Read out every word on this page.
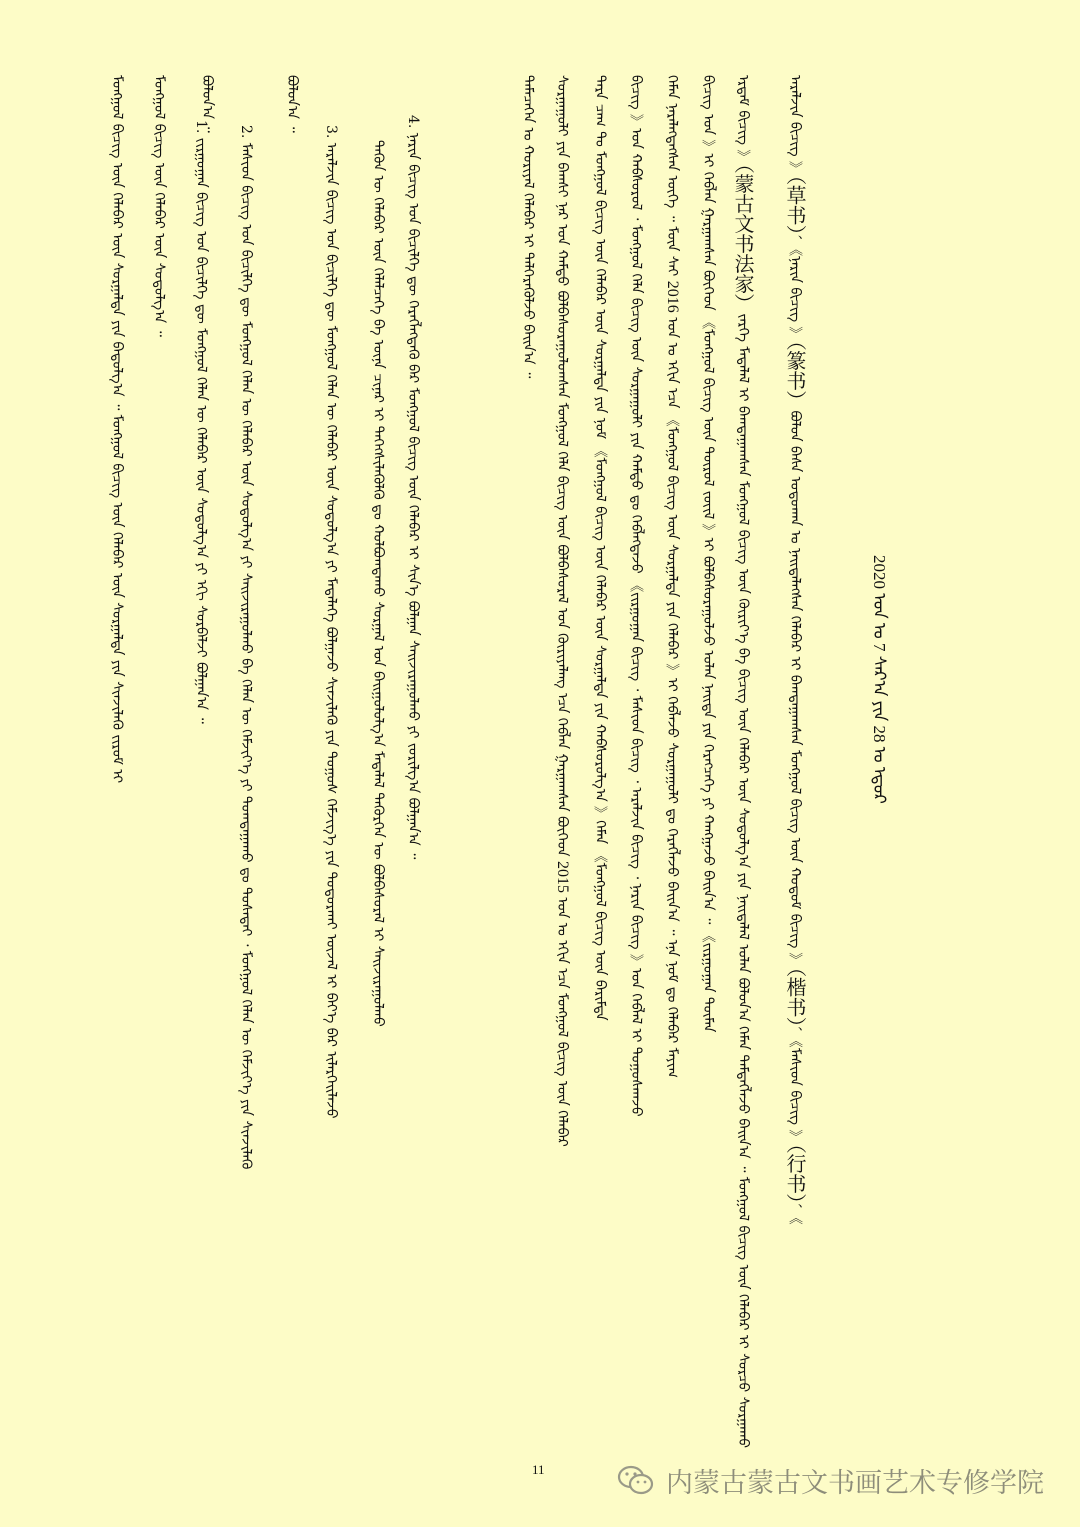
2020 ᠣᠨ ᠤ 7 ᠰᠠᠷ᠎ᠠ ᠶᠢᠨ 28 ᠤ ᠡᠳᠦᠷ
ᠠᠷᠠᠯᠵᠢᠨ ᠪᠢᠴᠢᠭ᠌ 》（草书）、《ᠨᠠᠷᠢᠨ ᠪᠢᠴᠢᠭ᠌ 》（篆书）ᠪᠣᠯᠤᠨ ᠪᠠᠰᠠ ᠣᠳᠣᠬᠠᠨ ᠤ ᠨᠡᠢᠲᠡᠯᠡᠭᠰᠡᠨ ᠬᠡᠯᠡᠪᠡᠷ ᠢ ᠪᠠᠭᠲᠠᠭᠠᠭᠰᠠᠨ ᠮᠣᠩᠭᠣᠯ ᠪᠢᠴᠢᠭ ᠦᠨ ᠬᠣᠳᠣᠮ ᠪᠢᠴᠢᠭ 》（楷书）、《ᠮᠠᠰᠢᠳ ᠪᠢᠴᠢᠭ᠌ 》（行书）、《
ᠡᠷᠳᠡᠮ ᠪᠢᠴᠢᠭ᠌ 》（蒙古文书法家）ᠵᠡᠷᠭᠡ ᠮᠡᠳᠡᠯᠡᠯ ᠢ ᠪᠠᠭᠲᠠᠭᠠᠭᠰᠠᠨ ᠮᠣᠩᠭᠣᠯ ᠪᠢᠴᠢᠭ ᠦᠨ ᠬᠦᠷᠢᠶ᠎ᠡ ᠪᠠ ᠪᠢᠴᠢᠭ ᠦᠨ ᠬᠡᠯᠡᠪᠡᠷ ᠦᠨ ᠰᠤᠳᠤᠯᠭ᠎ᠠ ᠶᠢᠨ ᠨᠡᠢᠲᠡᠯᠡᠯ ᠣᠯᠠᠨ ᠪᠣᠯᠤᠨ᠎ᠠ ᠬᠡᠮᠡᠨ ᠲᠡᠮᠳᠡᠭᠯᠡᠵᠦ ᠪᠠᠢᠨ᠎ᠠ ᠃ ᠮᠣᠩᠭᠣᠯ ᠪᠢᠴᠢᠭ ᠦᠨ ᠬᠡᠯᠡᠪᠡᠷ ᠢ ᠰᠤᠷᠴᠤ ᠰᠤᠷᠭᠠᠬᠤ
ᠪᠢᠴᠢᠭ᠌ ᠤᠨ 》ᠢ ᠬᠡᠪᠯᠡᠨ ᠭᠠᠷᠭᠠᠭᠰᠠᠨ ᠪᠥᠭᠡᠳ 《ᠮᠣᠩᠭᠣᠯ ᠪᠢᠴᠢᠭ ᠦᠨ ᠲᠥᠷᠥᠯ ᠵᠦᠢᠯ 》ᠢ ᠪᠣᠯᠪᠠᠰᠤᠷᠠᠭᠤᠯᠵᠤ ᠣᠯᠠᠨ ᠨᠡᠢᠲᠡ ᠶᠢᠨ ᠬᠡᠷᠡᠭᠴᠡᠭᠡ ᠶᠢ ᠬᠠᠩᠭᠠᠵᠤ ᠪᠠᠢᠨ᠎ᠠ ᠃ 《ᠵᠢᠷᠭᠤᠭᠠᠨ ᠲᠦᠮᠡᠨ
ᠬᠡᠮᠡᠨ ᠨᠡᠷᠡᠯᠡᠭᠳᠡᠭᠰᠡᠨ ᠦᠭᠡ ᠃ ᠮᠥᠨ ᠰᠠᠢ 2016 ᠣᠨ ᠤ ᠡᠬᠢᠨ ᠡᠴᠡ 《ᠮᠣᠩᠭᠣᠯ ᠪᠢᠴᠢᠭ ᠦᠨ ᠰᠤᠷᠭᠠᠯᠲᠠ ᠶᠢᠨ ᠬᠡᠯᠡᠪᠡᠷ 》ᠢ ᠬᠡᠪᠯᠡᠵᠦ ᠰᠤᠷᠭᠠᠭᠤᠯᠢ ᠳᠤ ᠬᠡᠷᠡᠭᠯᠡᠵᠦ ᠪᠠᠢᠨ᠎ᠠ ᠃ ᠡᠨᠡ ᠨᠣᠮ ᠳᠤ ᠬᠡᠯᠡᠪᠡᠷ ᠮᠠᠶᠢᠭ
ᠪᠢᠴᠢᠭ᠌ 》ᠤᠨ ᠬᠠᠪᠰᠤᠷᠤᠯ ᠂ ᠮᠣᠩᠭᠣᠯ ᠬᠡᠯᠡ ᠪᠢᠴᠢᠭ ᠦᠨ ᠰᠤᠷᠭᠠᠭᠤᠯᠢ ᠶᠢᠨ ᠬᠠᠮᠲᠤ ᠳᠤ ᠬᠡᠪᠯᠡᠭᠳᠡᠵᠦ 《ᠵᠢᠷᠭᠤᠭᠠᠨ ᠪᠢᠴᠢᠭ᠌ ᠂ ᠮᠠᠰᠢᠳ ᠪᠢᠴᠢᠭ᠌ ᠂ ᠠᠷᠠᠯᠵᠢᠨ ᠪᠢᠴᠢᠭ᠌ ᠂ ᠨᠠᠷᠢᠨ ᠪᠢᠴᠢᠭ᠌ 》ᠤᠨ ᠬᠡᠪᠯᠡᠯ ᠢ ᠳᠤᠭᠤᠰᠬᠠᠵᠤ
ᠲᠡᠷᠡ ᠴᠠᠭ ᠲᠤ ᠮᠣᠩᠭᠣᠯ ᠪᠢᠴᠢᠭ ᠦᠨ ᠬᠡᠯᠡᠪᠡᠷ ᠦᠨ ᠰᠤᠷᠭᠠᠯᠲᠠ ᠶᠢᠨ ᠨᠣᠮ 《ᠮᠣᠩᠭᠣᠯ ᠪᠢᠴᠢᠭ ᠦᠨ ᠬᠡᠯᠡᠪᠡᠷ ᠦᠨ ᠰᠤᠷᠭᠠᠯᠲᠠ ᠶᠢᠨ ᠬᠠᠪᠰᠤᠷᠤᠯᠭ᠎ᠠ 》ᠬᠡᠮᠡᠨ 《ᠮᠣᠩᠭᠣᠯ ᠪᠢᠴᠢᠭ ᠦᠨ ᠪᠠᠷᠢᠮᠲᠠ
ᠰᠤᠷᠭᠠᠭᠤᠯᠢ ᠶᠢᠨ ᠪᠠᠭᠰᠢ ᠨᠠᠷ ᠤᠨ ᠬᠠᠮᠲᠤ ᠪᠣᠯᠪᠠᠰᠤᠷᠠᠭᠤᠯᠤᠭᠰᠠᠨ ᠮᠣᠩᠭᠣᠯ ᠬᠡᠯᠡ ᠪᠢᠴᠢᠭ ᠦᠨ ᠪᠣᠯᠪᠠᠰᠤᠷᠠᠯ ᠤᠨ ᠬᠦᠷᠢᠶᠡᠯᠡᠩ ᠡᠴᠡ ᠬᠡᠪᠯᠡᠨ ᠭᠠᠷᠭᠠᠭᠰᠠᠨ ᠪᠥᠭᠡᠳ 2015 ᠣᠨ ᠤ ᠡᠬᠢᠨ ᠡᠴᠡ ᠮᠣᠩᠭᠣᠯ ᠪᠢᠴᠢᠭ ᠦᠨ ᠬᠡᠯᠡᠪᠡᠷ
ᠲᠡᠮᠡᠴᠡᠭᠡᠨ ᠤ ᠬᠣᠷᠢᠶᠠᠯ ᠬᠡᠯᠡᠪᠡᠷ ᠢ ᠳᠡᠯᠭᠡᠷᠡᠭᠦᠯᠵᠦ ᠪᠠᠢᠨ᠎ᠠ ᠃
4. ᠨᠠᠷᠢᠨ ᠪᠢᠴᠢᠭ᠌ ᠤᠨ ᠪᠢᠴᠢᠯᠭᠡ ᠳᠦ ᠬᠡᠷᠡᠭᠯᠡᠭᠳᠡᠬᠦ ᠪᠡᠷ ᠮᠣᠩᠭᠣᠯ ᠪᠢᠴᠢᠭ ᠦᠨ ᠬᠡᠯᠡᠪᠡᠷ ᠢ ᠰᠢᠨ᠎ᠡ ᠪᠣᠯᠭᠠᠨ ᠰᠠᠢᠵᠢᠷᠠᠭᠤᠯᠬᠤ ᠶᠢ ᠵᠣᠷᠢᠯᠭ᠎ᠠ ᠪᠣᠯᠭᠠᠨ᠎ᠠ ᠃
ᠲᠡᠭᠦᠨ ᠦ ᠬᠡᠯᠡᠪᠡᠷ ᠦᠨ ᠬᠡᠯᠡᠯᠴᠡᠭᠡ ᠪᠠ ᠦᠨᠡ ᠴᠢᠨᠠᠷ ᠢ ᠳᠡᠭᠡᠭᠰᠢᠯᠡᠭᠦᠯᠬᠦ ᠳᠤ ᠬᠣᠯᠪᠣᠭᠳᠠᠬᠤ ᠰᠤᠷᠭᠠᠯ ᠤᠨ ᠪᠠᠢᠭᠤᠯᠤᠯᠭ᠎ᠠ ᠮᠡᠳᠡᠯᠡᠯ ᠲᠡᠭᠦᠷᠭᠡᠨ ᠦ ᠪᠣᠯᠪᠠᠰᠤᠷᠠᠯ ᠢ ᠰᠠᠢᠵᠢᠷᠠᠭᠤᠯᠬᠤ
3. ᠠᠷᠠᠯᠵᠢᠨ ᠪᠢᠴᠢᠭ᠌ ᠤᠨ ᠪᠢᠴᠢᠯᠭᠡ ᠳᠦ ᠮᠣᠩᠭᠣᠯ ᠬᠡᠯᠡᠨ ᠦ ᠬᠡᠯᠡᠪᠡᠷ ᠦᠨ ᠰᠤᠳᠤᠯᠭ᠎ᠠ ᠶᠢ ᠮᠡᠳᠡᠯᠡᠭᠡ ᠪᠣᠯᠭᠠᠵᠤ ᠰᠢᠨᠵᠢᠯᠡᠭᠦ ᠶᠢᠨ ᠲᠤᠭᠤᠰ ᠬᠡᠮᠵᠢᠭ᠎ᠡ ᠶᠢᠨ ᠲᠣᠳᠣᠷᠬᠠᠢ ᠦᠵᠡᠯ ᠢ ᠪᠡᠶ᠎ᠡ ᠪᠠᠷ ᠢᠯᠡᠷᠬᠡᠢᠯᠡᠵᠦ
ᠪᠣᠯᠤᠨ᠎ᠠ ᠃
2. ᠮᠠᠰᠢᠳ ᠪᠢᠴᠢᠭ᠌ ᠤᠨ ᠪᠢᠴᠢᠯᠭᠡ ᠳᠦ ᠮᠣᠩᠭᠣᠯ ᠬᠡᠯᠡᠨ ᠦ ᠬᠡᠯᠡᠪᠡᠷ ᠦᠨ ᠰᠤᠳᠤᠯᠭ᠎ᠠ ᠶᠢ ᠰᠠᠢᠵᠢᠷᠠᠭᠤᠯᠬᠤ ᠪᠠ ᠬᠡᠯᠡᠨ ᠦ ᠬᠡᠮᠵᠢᠶ᠎ᠡ ᠶᠢ ᠲᠣᠭᠲᠠᠭᠠᠬᠤ ᠳᠤ ᠲᠤᠰᠠᠲᠠᠢ ᠂ ᠮᠣᠩᠭᠣᠯ ᠬᠡᠯᠡᠨ ᠦ ᠬᠡᠮᠵᠢᠶ᠎ᠡ ᠶᠢᠨ ᠰᠢᠨᠵᠢᠯᠡᠭᠦ
ᠪᠣᠯᠤᠨ᠎ᠠ ᠃
1. ᠵᠢᠷᠭᠤᠭᠠᠨ ᠪᠢᠴᠢᠭ᠌ ᠤᠨ ᠪᠢᠴᠢᠯᠭᠡ ᠳᠦ ᠮᠣᠩᠭᠣᠯ ᠬᠡᠯᠡᠨ ᠦ ᠬᠡᠯᠡᠪᠡᠷ ᠦᠨ ᠰᠤᠳᠤᠯᠭ᠎ᠠ ᠶᠢ ᠡᠬᠢ ᠰᠤᠷᠪᠠᠯᠵᠢ ᠪᠣᠯᠭᠠᠨ᠎ᠠ ᠃
ᠮᠣᠩᠭᠣᠯ ᠪᠢᠴᠢᠭ ᠦᠨ ᠬᠡᠯᠡᠪᠡᠷ ᠦᠨ ᠰᠤᠳᠤᠯᠭ᠎ᠠ ᠃
ᠮᠣᠩᠭᠣᠯ ᠪᠢᠴᠢᠭ ᠦᠨ ᠬᠡᠯᠡᠪᠡᠷ ᠦᠨ ᠰᠤᠷᠭᠠᠯᠲᠠ ᠶᠢᠨ ᠪᠠᠲᠤᠯᠭ᠎ᠠ ᠃ ᠮᠣᠩᠭᠣᠯ ᠪᠢᠴᠢᠭ ᠦᠨ ᠬᠡᠯᠡᠪᠡᠷ ᠦᠨ ᠰᠤᠷᠭᠠᠯᠲᠠ ᠶᠢᠨ ᠰᠢᠨᠵᠢᠯᠡᠭᠦ ᠵᠢᠷᠤᠮ ᠢ
11	内蒙古蒙古文书画艺术专修学院
